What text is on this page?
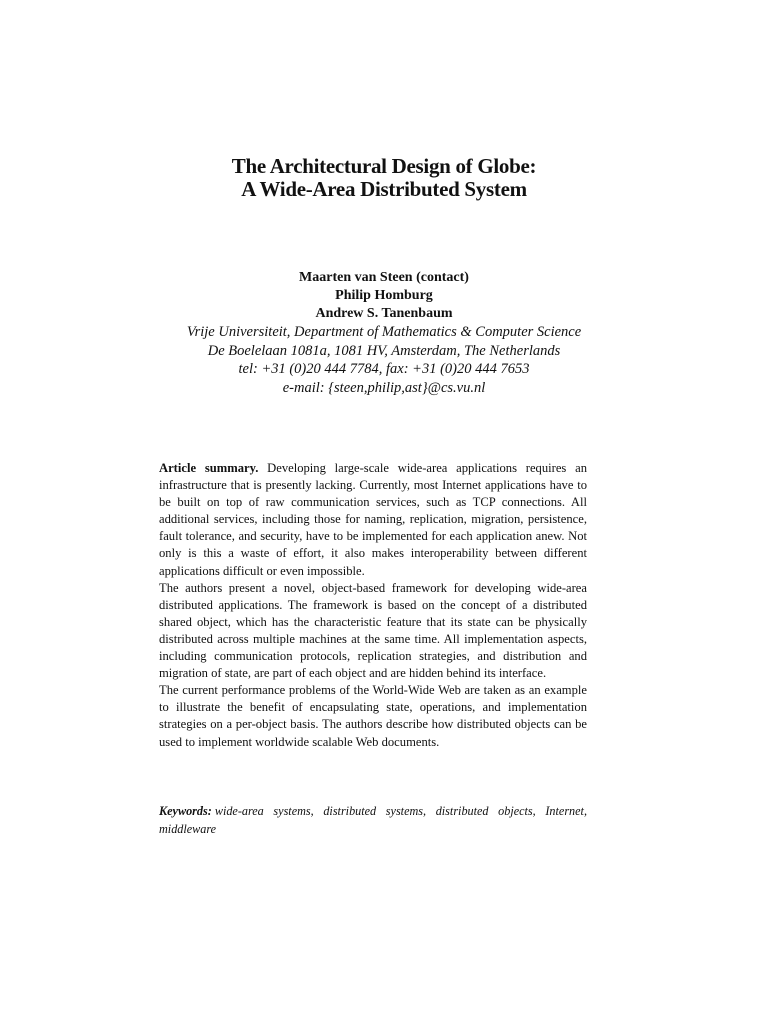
The Architectural Design of Globe:
A Wide-Area Distributed System
Maarten van Steen (contact)
Philip Homburg
Andrew S. Tanenbaum
Vrije Universiteit, Department of Mathematics & Computer Science
De Boelelaan 1081a, 1081 HV, Amsterdam, The Netherlands
tel: +31 (0)20 444 7784, fax: +31 (0)20 444 7653
e-mail: {steen,philip,ast}@cs.vu.nl

Article summary. Developing large-scale wide-area applications requires an infrastructure that is presently lacking. Currently, most Internet applications have to be built on top of raw communication services, such as TCP connections. All additional services, including those for naming, replication, migration, persistence, fault tolerance, and security, have to be implemented for each application anew. Not only is this a waste of effort, it also makes interoperability between different applications difficult or even impossible.

The authors present a novel, object-based framework for developing wide-area distributed applications. The framework is based on the concept of a distributed shared object, which has the characteristic feature that its state can be physically distributed across multiple machines at the same time. All implementation aspects, including communication protocols, replication strategies, and distribution and migration of state, are part of each object and are hidden behind its interface.

The current performance problems of the World-Wide Web are taken as an example to illustrate the benefit of encapsulating state, operations, and implementation strategies on a per-object basis. The authors describe how distributed objects can be used to implement worldwide scalable Web documents.

Keywords: wide-area systems, distributed systems, distributed objects, Internet, middleware
